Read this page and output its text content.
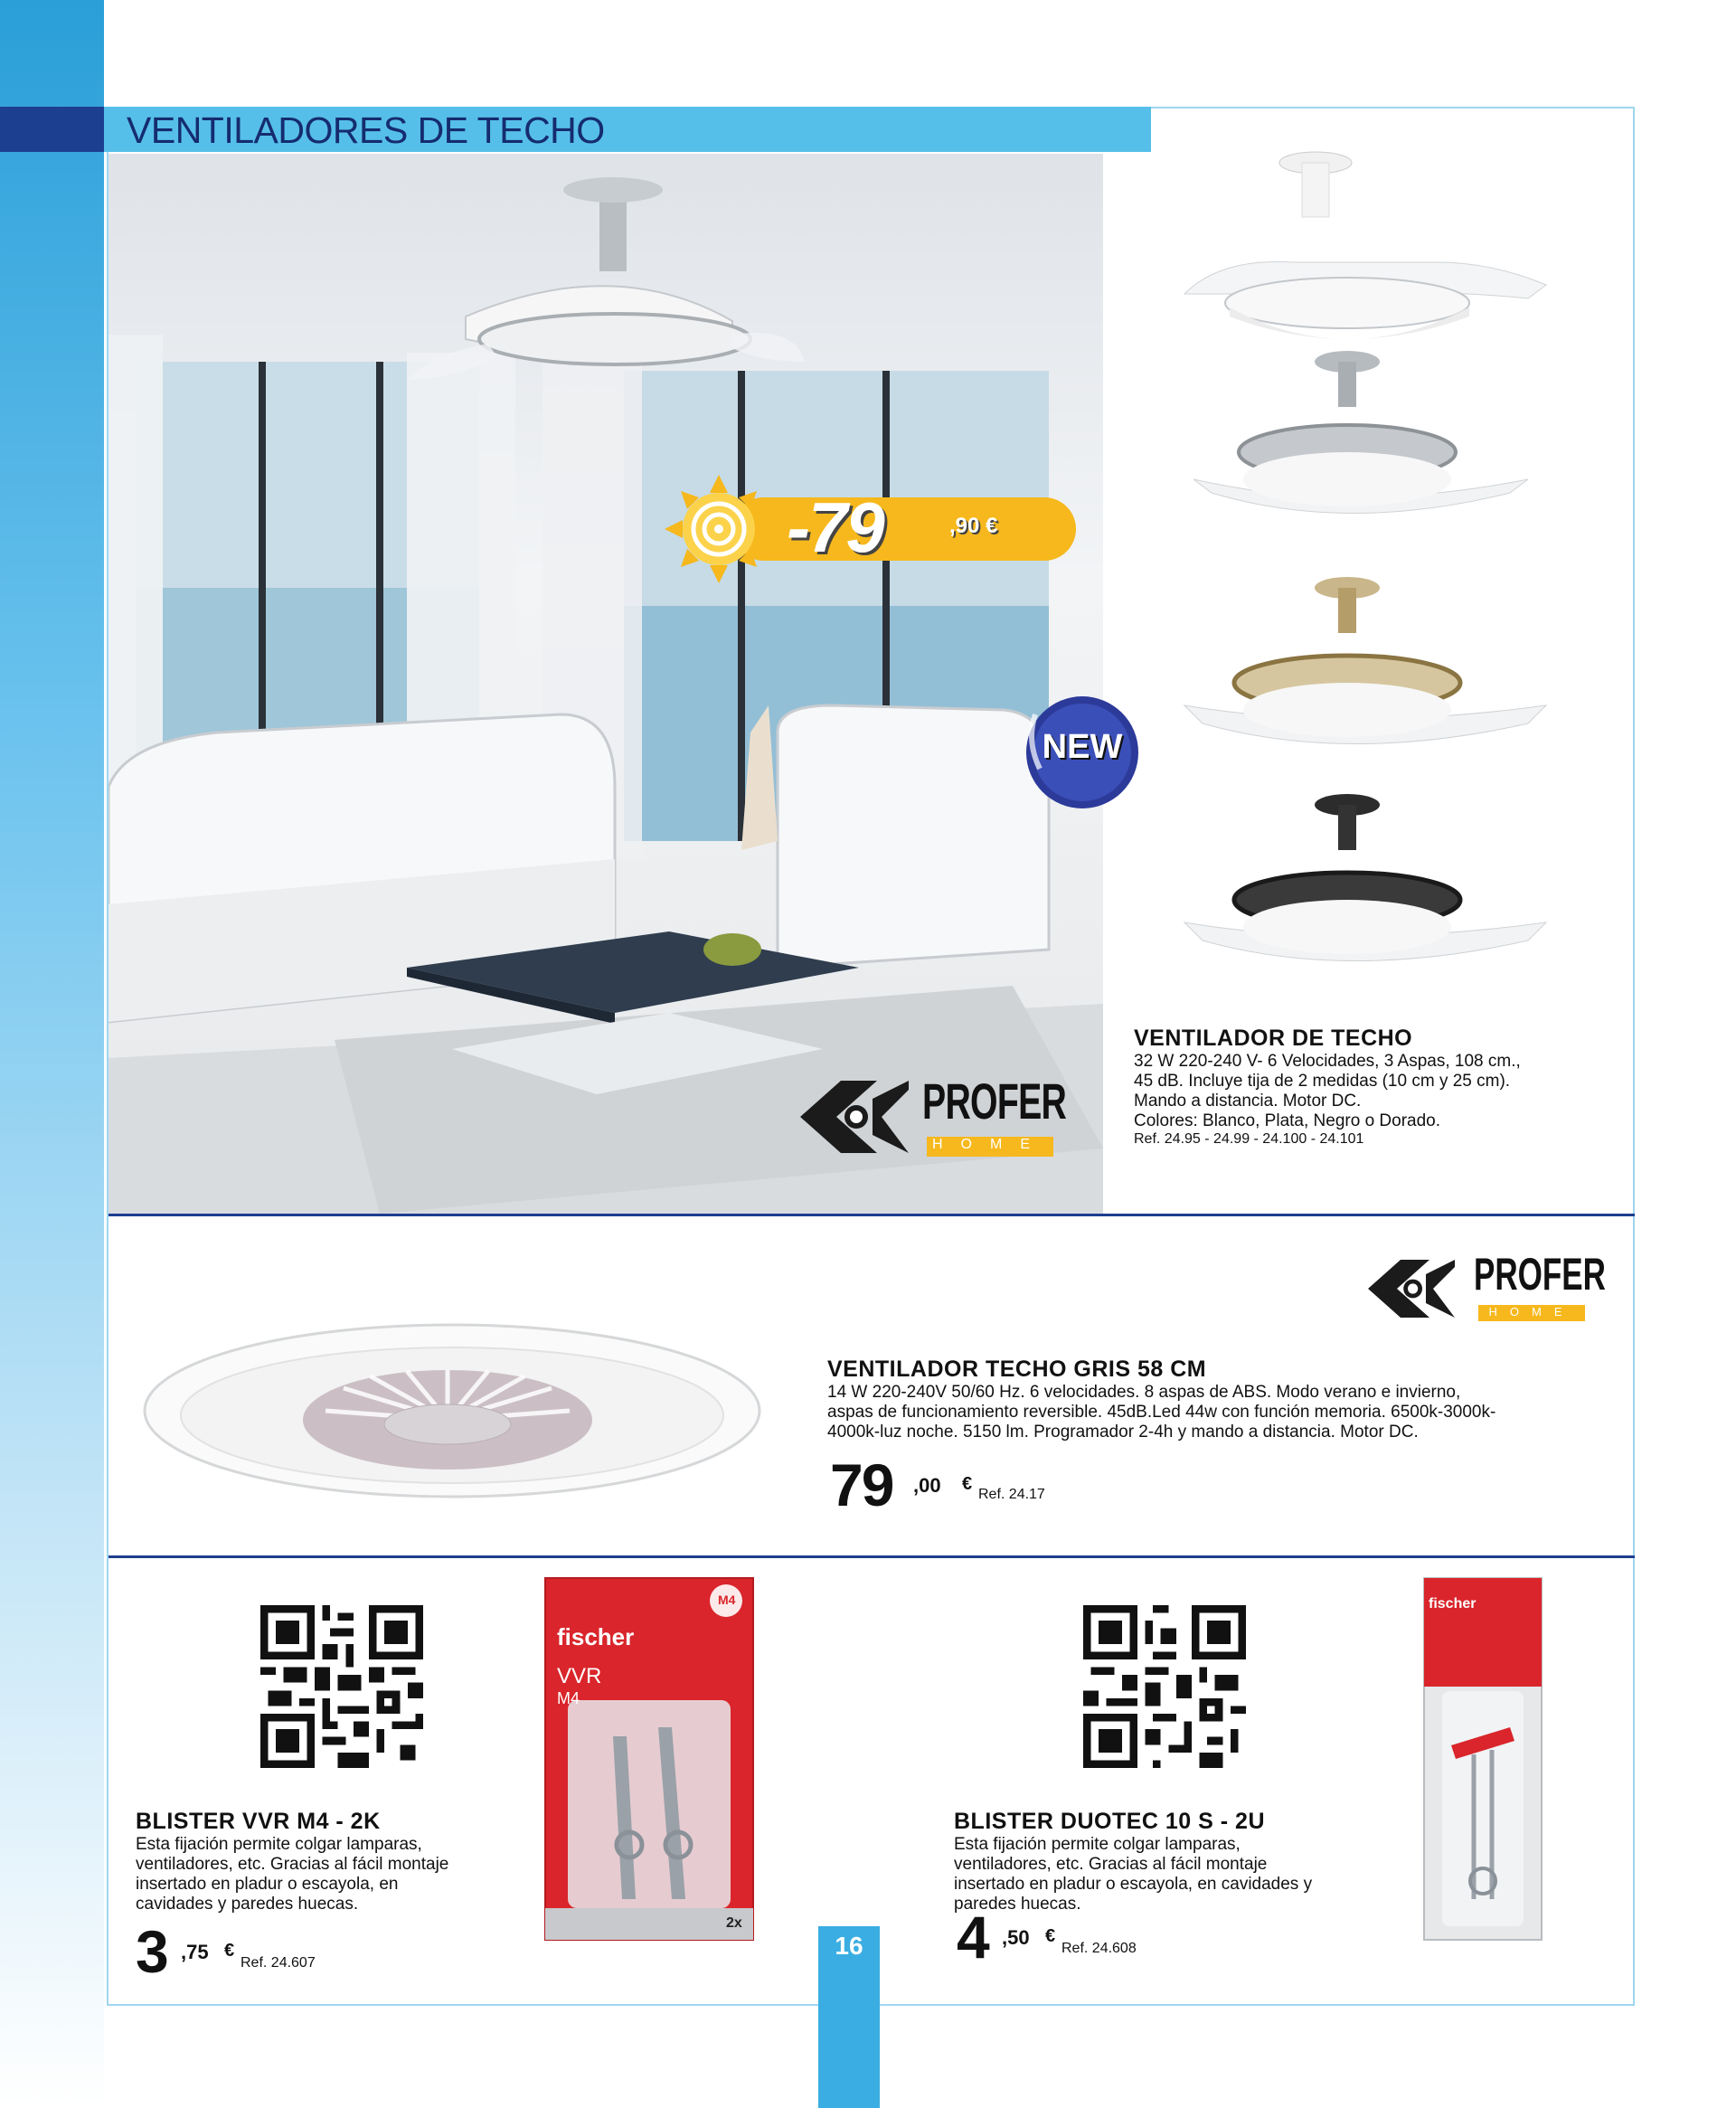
VENTILADORES DE TECHO
-79	,90 €
NEW
PROFER
HOME
VENTILADOR DE TECHO
32 W 220-240 V- 6 Velocidades, 3 Aspas, 108 cm.,
45 dB. Incluye tija de 2 medidas (10 cm y 25 cm).
Mando a distancia. Motor DC.
Colores: Blanco, Plata, Negro o Dorado.
Ref. 24.95 - 24.99 - 24.100 - 24.101
PROFER
HOME
VENTILADOR TECHO GRIS 58 CM
14 W 220-240V 50/60 Hz. 6 velocidades. 8 aspas de ABS. Modo verano e invierno,
aspas de funcionamiento reversible. 45dB.Led 44w con función memoria. 6500k-3000k-
4000k-luz noche. 5150 lm. Programador 2-4h y mando a distancia. Motor DC.
79 ,00 €
Ref. 24.17
fischer
VVR
M4
M4
2x
fischer
BLISTER VVR M4 - 2K
Esta fijación permite colgar lamparas,
ventiladores, etc. Gracias al fácil montaje
insertado en pladur o escayola, en
cavidades y paredes huecas.
3 ,75 €
Ref. 24.607
BLISTER DUOTEC 10 S - 2U
Esta fijación permite colgar lamparas,
ventiladores, etc. Gracias al fácil montaje
insertado en pladur o escayola, en cavidades y
paredes huecas.
4 ,50 €
Ref. 24.608
16
